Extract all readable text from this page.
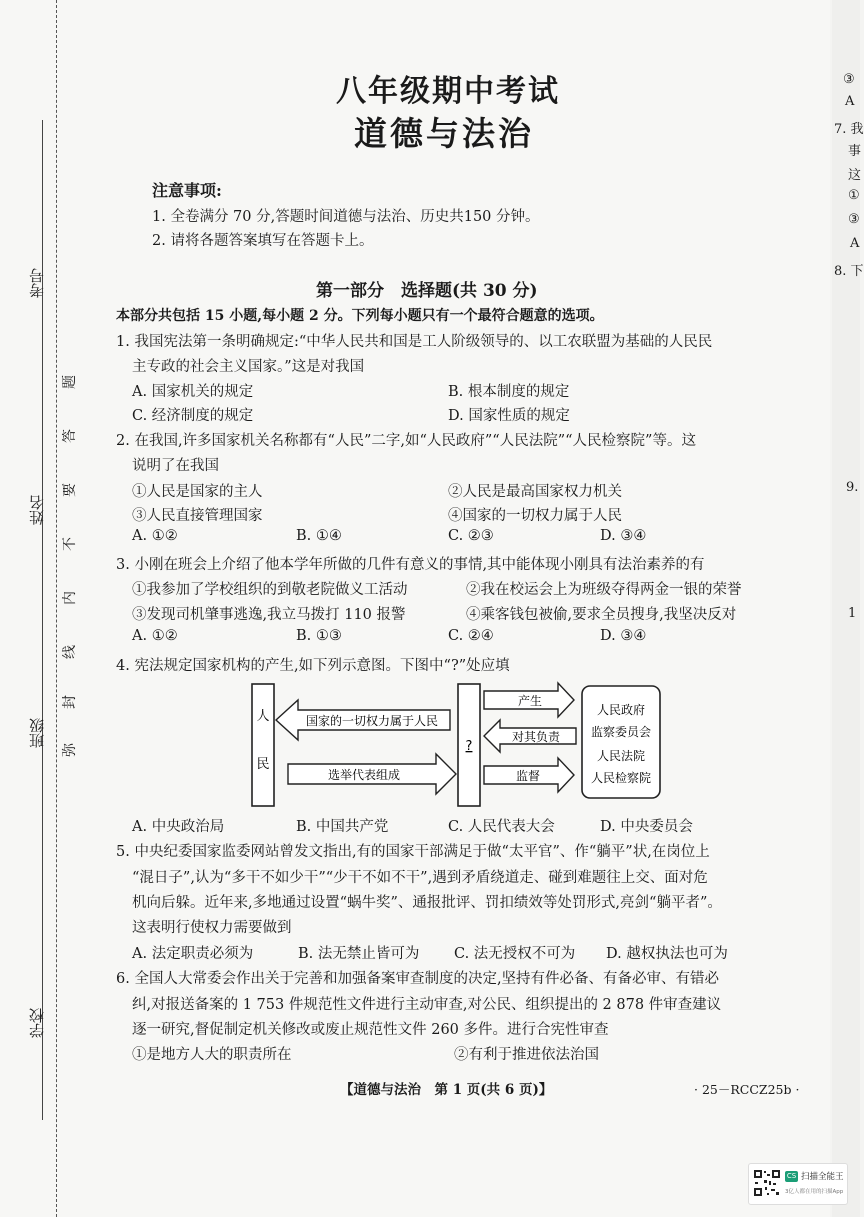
考号
姓名
班级
学校
题
答
要
不
内
线
封
弥
八年级期中考试
道德与法治
注意事项:
1. 全卷满分 70 分,答题时间道德与法治、历史共150 分钟。
2. 请将各题答案填写在答题卡上。
第一部分　选择题(共 30 分)
本部分共包括 15 小题,每小题 2 分。下列每小题只有一个最符合题意的选项。
1. 我国宪法第一条明确规定:“中华人民共和国是工人阶级领导的、以工农联盟为基础的人民民
主专政的社会主义国家。”这是对我国
A. 国家机关的规定	B. 根本制度的规定
C. 经济制度的规定	D. 国家性质的规定
2. 在我国,许多国家机关名称都有“人民”二字,如“人民政府”“人民法院”“人民检察院”等。这
说明了在我国
①人民是国家的主人	②人民是最高国家权力机关
③人民直接管理国家	④国家的一切权力属于人民
A. ①②	B. ①④	C. ②③	D. ③④
3. 小刚在班会上介绍了他本学年所做的几件有意义的事情,其中能体现小刚具有法治素养的有
①我参加了学校组织的到敬老院做义工活动	②我在校运会上为班级夺得两金一银的荣誉
③发现司机肇事逃逸,我立马拨打 110 报警	④乘客钱包被偷,要求全员搜身,我坚决反对
A. ①②	B. ①③	C. ②④	D. ③④
4. 宪法规定国家机构的产生,如下列示意图。下图中“?”处应填
人
民
国家的一切权力属于人民
选举代表组成
?
产生
对其负责
监督
人民政府
监察委员会
人民法院
人民检察院
A. 中央政治局	B. 中国共产党	C. 人民代表大会	D. 中央委员会
5. 中央纪委国家监委网站曾发文指出,有的国家干部满足于做“太平官”、作“躺平”状,在岗位上
“混日子”,认为“多干不如少干”“少干不如不干”,遇到矛盾绕道走、碰到难题往上交、面对危
机向后躲。近年来,多地通过设置“蜗牛奖”、通报批评、罚扣绩效等处罚形式,亮剑“躺平者”。
这表明行使权力需要做到
A. 法定职责必须为	B. 法无禁止皆可为 C. 法无授权不可为 D. 越权执法也可为
6. 全国人大常委会作出关于完善和加强备案审查制度的决定,坚持有件必备、有备必审、有错必
纠,对报送备案的 1 753 件规范性文件进行主动审查,对公民、组织提出的 2 878 件审查建议
逐一研究,督促制定机关修改或废止规范性文件 260 多件。进行合宪性审查
①是地方人大的职责所在	②有利于推进依法治国
【道德与法治　第 1 页(共 6 页)】	· 25－RCCZ25b ·
③
A
7. 我
事
这
①
③
A
8. 下
9.
1
CS 扫描全能王
3亿人都在用的扫描App
